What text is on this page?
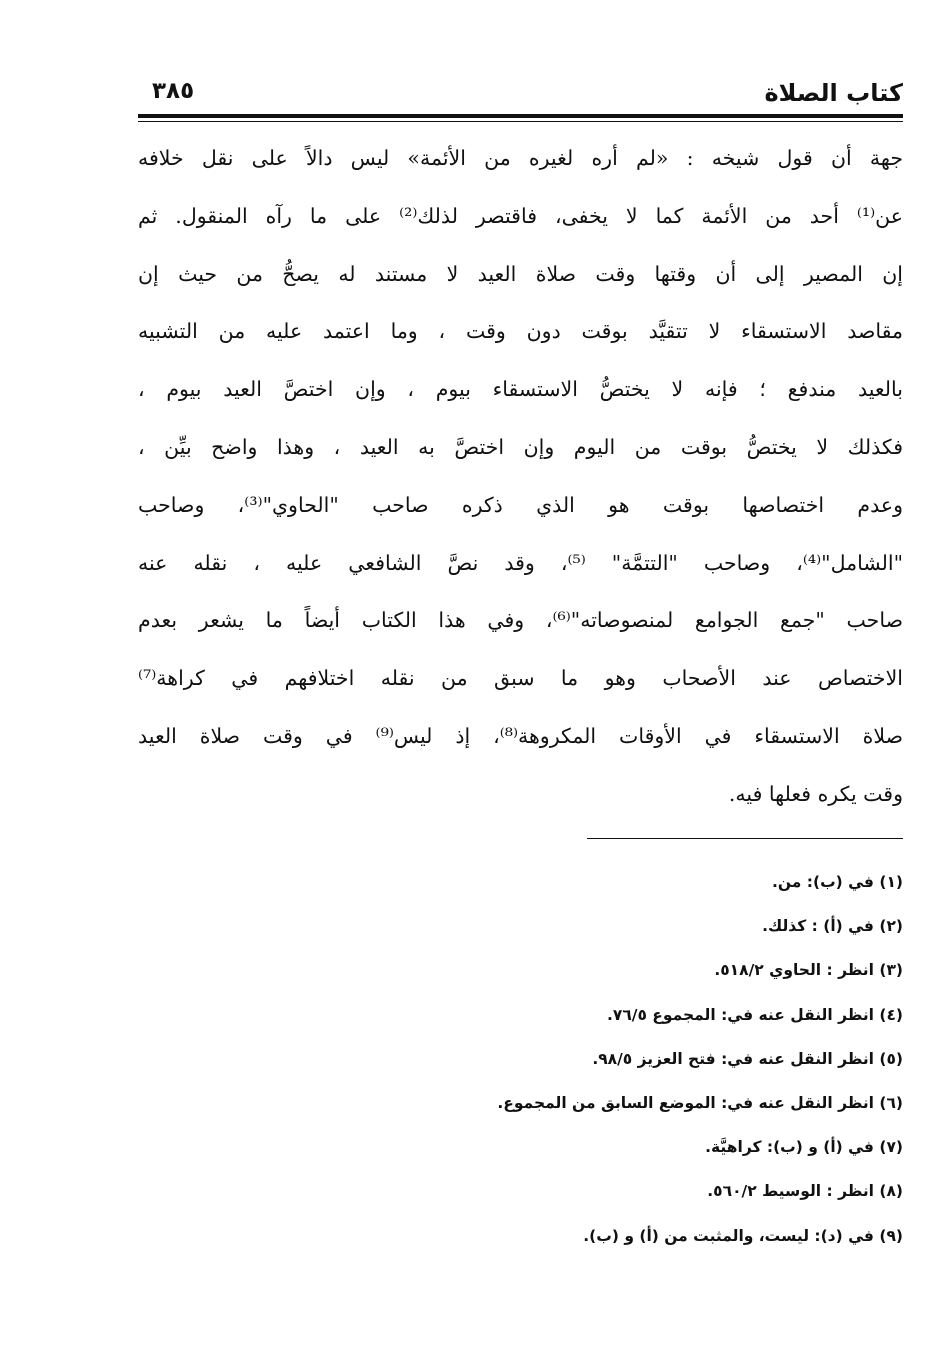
كتاب الصلاة
٣٨٥
جهة أن قول شيخه : «لم أره لغيره من الأئمة» ليس دالاً على نقل خلافه
عن⁽¹⁾ أحد من الأئمة كما لا يخفى، فاقتصر لذلك⁽²⁾ على ما رآه المنقول. ثم
إن المصير إلى أن وقتها وقت صلاة العيد لا مستند له يصحُّ من حيث إن
مقاصد الاستسقاء لا تتقيَّد بوقت دون وقت ، وما اعتمد عليه من التشبيه
بالعيد مندفع ؛ فإنه لا يختصُّ الاستسقاء بيوم ، وإن اختصَّ العيد بيوم ،
فكذلك لا يختصُّ بوقت من اليوم وإن اختصَّ به العيد ، وهذا واضح بيِّن ،
وعدم اختصاصها بوقت هو الذي ذكره صاحب "الحاوي"⁽³⁾، وصاحب
"الشامل"⁽⁴⁾، وصاحب "التتمَّة" ⁽⁵⁾، وقد نصَّ الشافعي عليه ، نقله عنه
صاحب "جمع الجوامع لمنصوصاته"⁽⁶⁾، وفي هذا الكتاب أيضاً ما يشعر بعدم
الاختصاص عند الأصحاب وهو ما سبق من نقله اختلافهم في كراهة⁽⁷⁾
صلاة الاستسقاء في الأوقات المكروهة⁽⁸⁾، إذ ليس⁽⁹⁾ في وقت صلاة العيد
وقت يكره فعلها فيه.
(١) في (ب): من.
(٢) في (أ) : كذلك.
(٣) انظر : الحاوي ٥١٨/٢.
(٤) انظر النقل عنه في: المجموع ٧٦/٥.
(٥) انظر النقل عنه في: فتح العزيز ٩٨/٥.
(٦) انظر النقل عنه في: الموضع السابق من المجموع.
(٧) في (أ) و (ب): كراهيَّة.
(٨) انظر : الوسيط ٥٦٠/٢.
(٩) في (د): ليست، والمثبت من (أ) و (ب).
